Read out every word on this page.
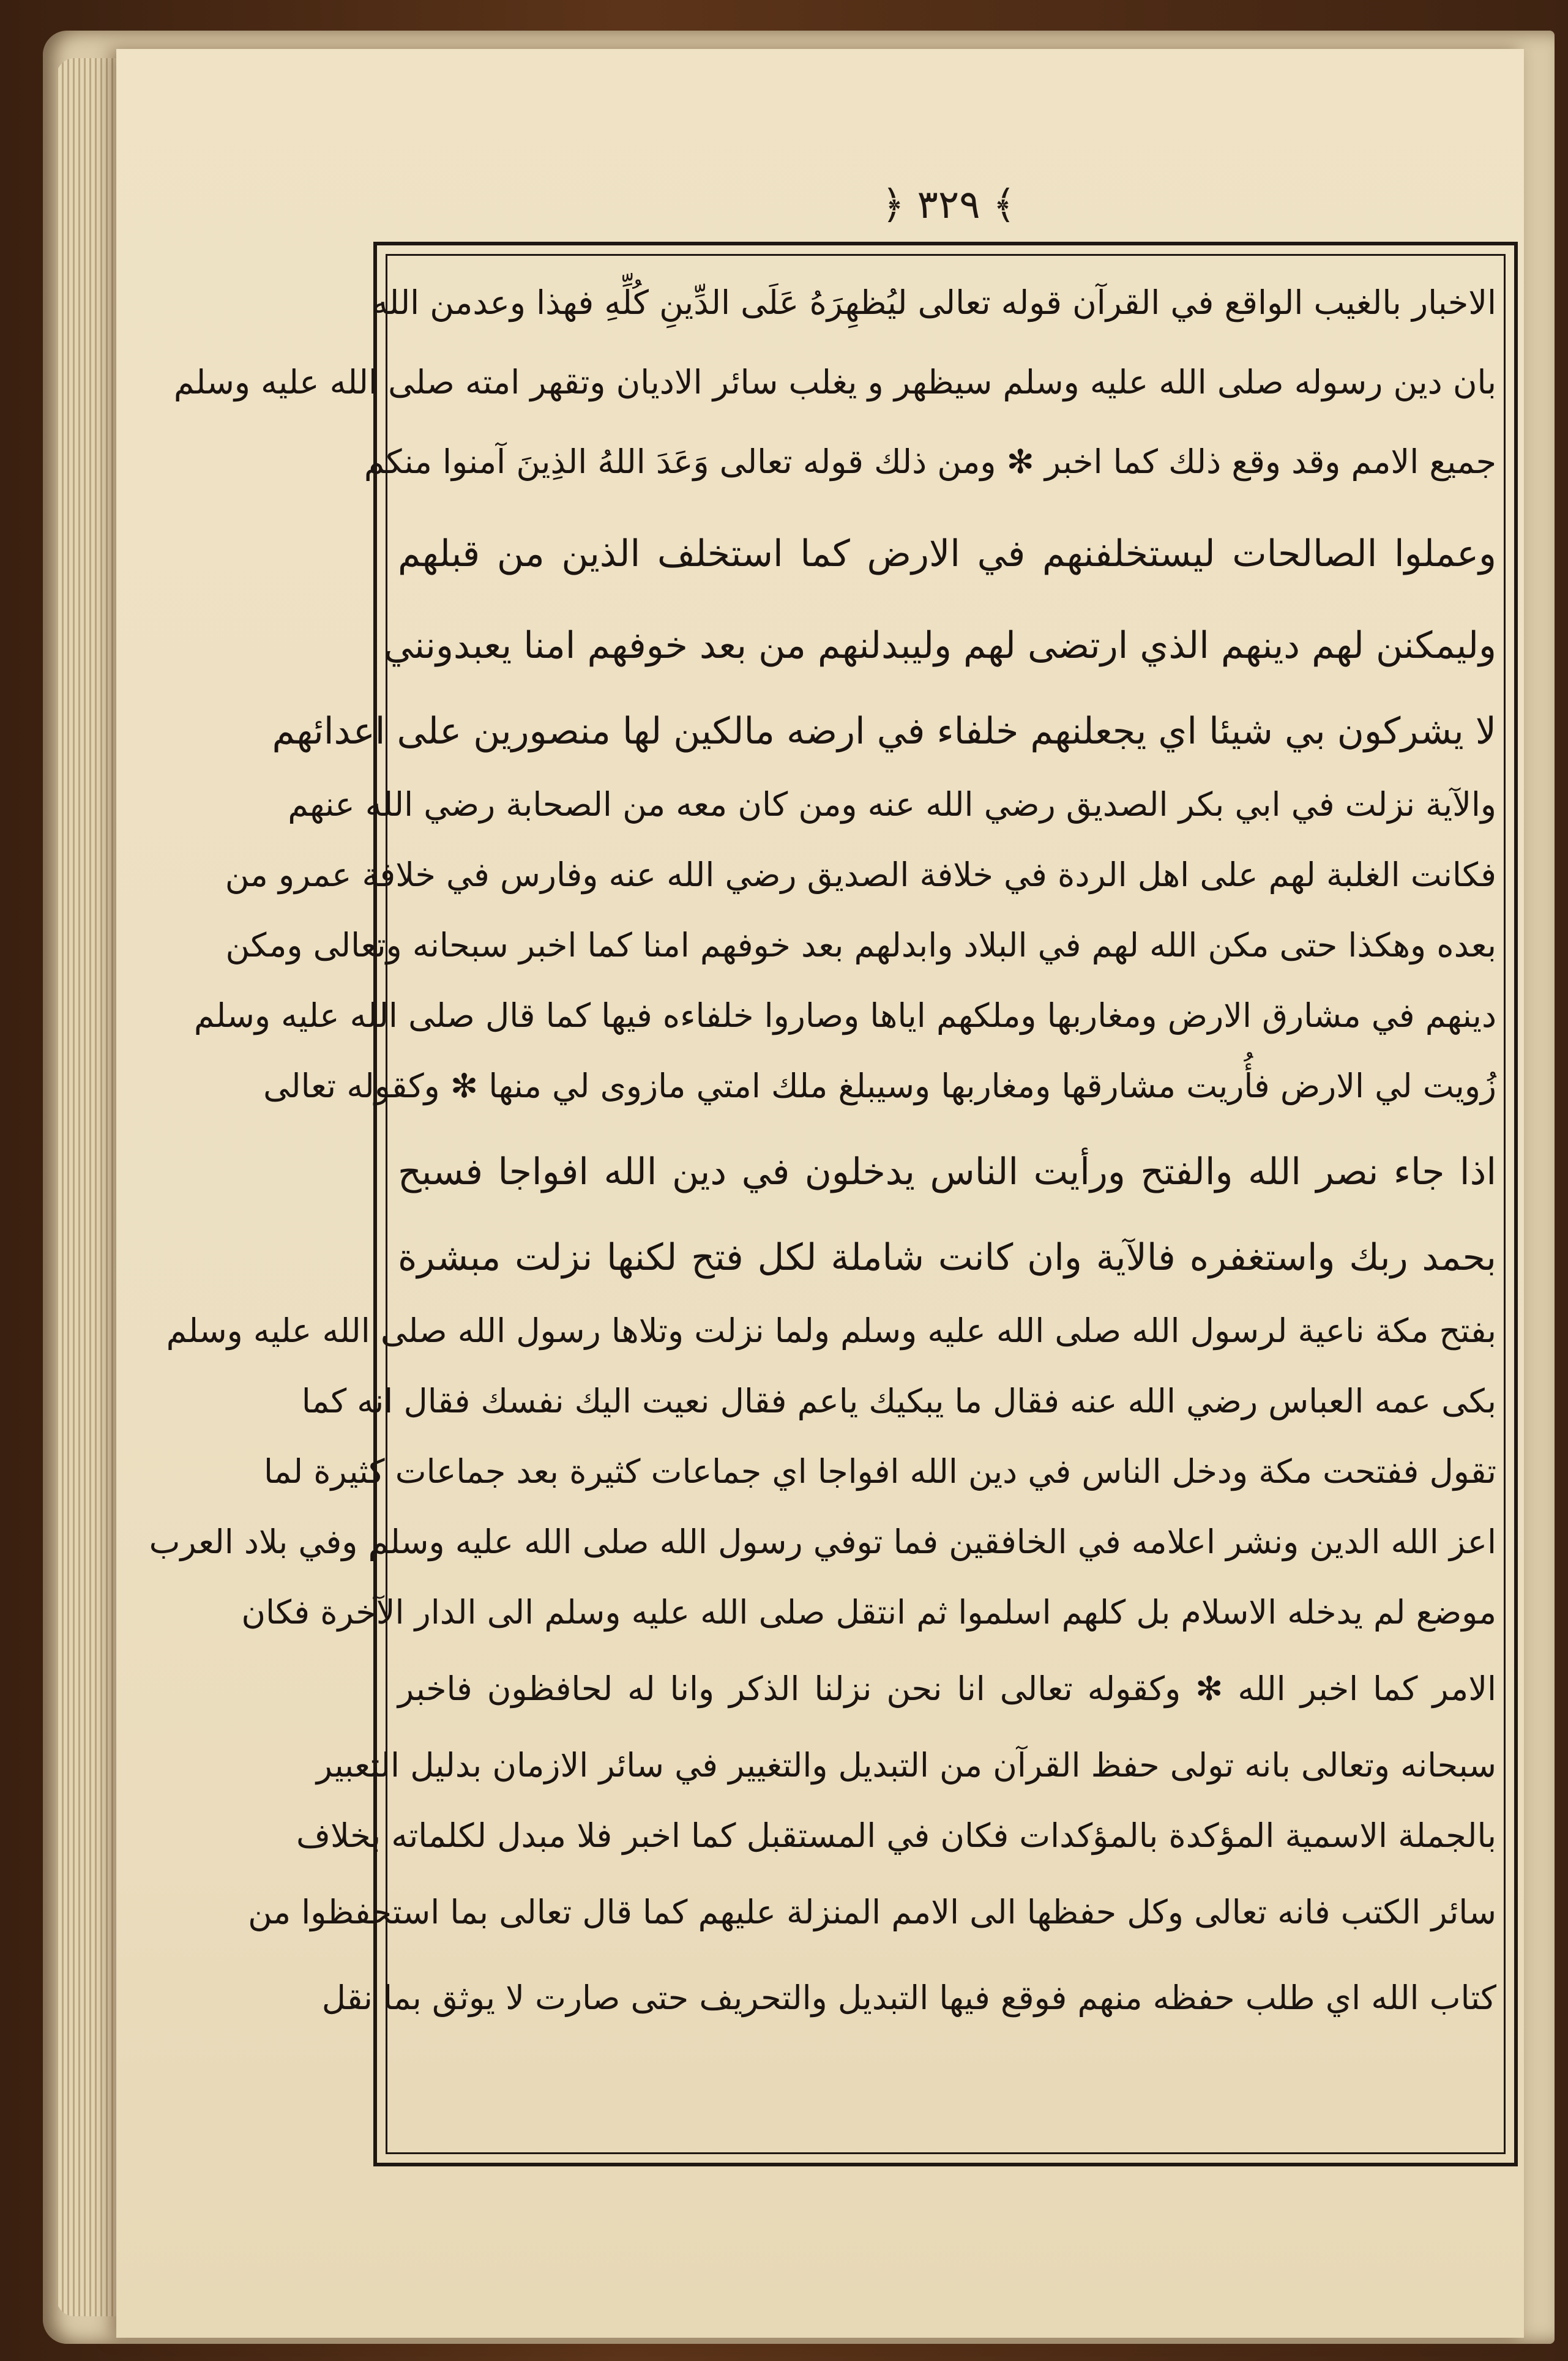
﴿ ٣٢٩ ﴾
الاخبار بالغيب الواقع في القرآن قوله تعالى ليُظهِرَهُ عَلَى الدِّينِ كُلِّهِ فهذا وعدمن الله
بان دين رسوله صلى الله عليه وسلم سيظهر و يغلب سائر الاديان وتقهر امته صلى الله عليه وسلم
جميع الامم وقد وقع ذلك كما اخبر ✻ ومن ذلك قوله تعالى وَعَدَ اللهُ الذِينَ آمنوا منكم
وعملوا الصالحات ليستخلفنهم في الارض كما استخلف الذين من قبلهم
وليمكنن لهم دينهم الذي ارتضى لهم وليبدلنهم من بعد خوفهم امنا يعبدونني
لا يشركون بي شيئا اي يجعلنهم خلفاء في ارضه مالكين لها منصورين على اعدائهم
والآية نزلت في ابي بكر الصديق رضي الله عنه ومن كان معه من الصحابة رضي الله عنهم
فكانت الغلبة لهم على اهل الردة في خلافة الصديق رضي الله عنه وفارس في خلافة عمرو من
بعده وهكذا حتى مكن الله لهم في البلاد وابدلهم بعد خوفهم امنا كما اخبر سبحانه وتعالى ومكن
دينهم في مشارق الارض ومغاربها وملكهم اياها وصاروا خلفاءه فيها كما قال صلى الله عليه وسلم
زُويت لي الارض فأُريت مشارقها ومغاربها وسيبلغ ملك امتي مازوى لي منها ✻ وكقوله تعالى
اذا جاء نصر الله والفتح ورأيت الناس يدخلون في دين الله افواجا فسبح
بحمد ربك واستغفره فالآية وان كانت شاملة لكل فتح لكنها نزلت مبشرة
بفتح مكة ناعية لرسول الله صلى الله عليه وسلم ولما نزلت وتلاها رسول الله صلى الله عليه وسلم
بكى عمه العباس رضي الله عنه فقال ما يبكيك ياعم فقال نعيت اليك نفسك فقال انه كما
تقول ففتحت مكة ودخل الناس في دين الله افواجا اي جماعات كثيرة بعد جماعات كثيرة لما
اعز الله الدين ونشر اعلامه في الخافقين فما توفي رسول الله صلى الله عليه وسلم وفي بلاد العرب
موضع لم يدخله الاسلام بل كلهم اسلموا ثم انتقل صلى الله عليه وسلم الى الدار الآخرة فكان
الامر كما اخبر الله ✻ وكقوله تعالى انا نحن نزلنا الذكر وانا له لحافظون فاخبر
سبحانه وتعالى بانه تولى حفظ القرآن من التبديل والتغيير في سائر الازمان بدليل التعبير
بالجملة الاسمية المؤكدة بالمؤكدات فكان في المستقبل كما اخبر فلا مبدل لكلماته بخلاف
سائر الكتب فانه تعالى وكل حفظها الى الامم المنزلة عليهم كما قال تعالى بما استحفظوا من
كتاب الله اي طلب حفظه منهم فوقع فيها التبديل والتحريف حتى صارت لا يوثق بما نقل
